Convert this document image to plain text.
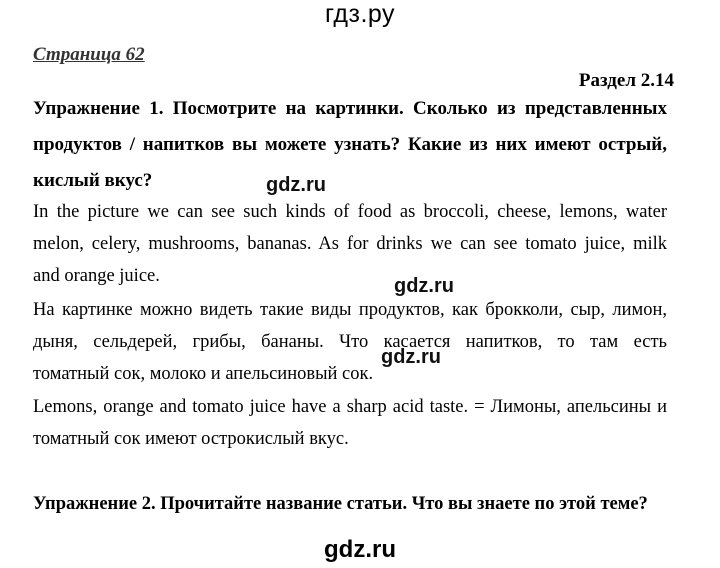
гдз.ру
Страница 62
Раздел 2.14
Упражнение 1. Посмотрите на картинки. Сколько из представленных
продуктов / напитков вы можете узнать? Какие из них имеют острый,
кислый вкус?	gdz.ru
In the picture we can see such kinds of food as broccoli, cheese, lemons, water
melon, celery, mushrooms, bananas. As for drinks we can see tomato juice, milk
and orange juice.	gdz.ru
На картинке можно видеть такие виды продуктов, как брокколи, сыр, лимон,
дыня, сельдерей, грибы, бананы. Что касается напитков, то там есть
томатный сок, молоко и апельсиновый сок.
gdz.ru
Lemons, orange and tomato juice have a sharp acid taste. = Лимоны, апельсины и
томатный сок имеют острокислый вкус.
Упражнение 2. Прочитайте название статьи. Что вы знаете по этой теме?
gdz.ru
